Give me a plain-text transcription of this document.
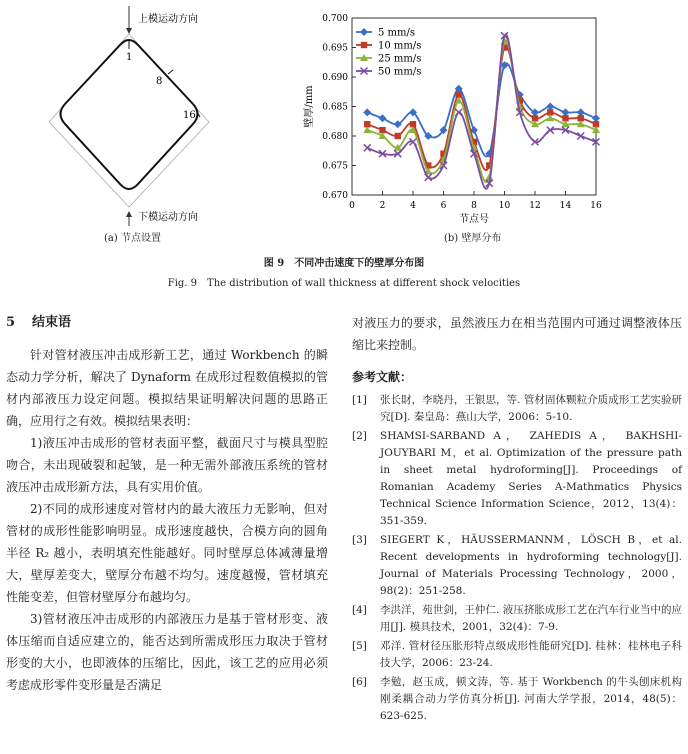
上模运动方向
1
8
16
下模运动方向
(a) 节点设置
0	2	4	6	8 10 12 14 16
0.670
0.675
0.680
0.685
0.690
0.695
0.700
节点号
壁厚/mm
5 mm/s
10 mm/s
25 mm/s
50 mm/s
(b) 壁厚分布
图 9　不同冲击速度下的壁厚分布图
Fig. 9　The distribution of wall thickness at different shock velocities
5 结束语

针对管材液压冲击成形新工艺，通过 Workbench 的瞬态动力学分析，解决了 Dynaform 在成形过程数值模拟的管材内部液压力设定问题。模拟结果证明解决问题的思路正确，应用行之有效。模拟结果表明：

1)液压冲击成形的管材表面平整，截面尺寸与模具型腔吻合，未出现破裂和起皱，是一种无需外部液压系统的管材液压冲击成形新方法，具有实用价值。

2)不同的成形速度对管材内的最大液压力无影响，但对管材的成形性能影响明显。成形速度越快，合模方向的圆角半径 R₂ 越小，表明填充性能越好。同时壁厚总体减薄量增大，壁厚差变大，壁厚分布越不均匀。速度越慢，管材填充性能变差，但管材壁厚分布越均匀。

3)管材液压冲击成形的内部液压力是基于管材形变、液体压缩而自适应建立的，能否达到所需成形压力取决于管材形变的大小，也即液体的压缩比，因此，该工艺的应用必须考虑成形零件变形量是否满足

对液压力的要求，虽然液压力在相当范围内可通过调整液体压缩比来控制。

参考文献：
[1]	张长財，李晓丹，王银思，等. 管材固体颗粒介质成形工艺实验研究[D]. 秦皇岛：燕山大学，2006：5-10.
[2]	SHAMSI-SARBAND A， ZAHEDIS A， BAKHSHI-JOUYBARI M，et al. Optimization of the pressure path in sheet metal hydroforming[J]. Proceedings of Romanian Academy Series A-Mathmatics Physics Technical Science Information Science，2012，13(4)：351-359.
[3]	SIEGERT K，HÄUSSERMANNM，LÖSCH B，et al. Recent developments in hydroforming technology[J]. Journal of Materials Processing Technology，2000，98(2)：251-258.
[4]	李洪洋，苑世剑，王仲仁. 液压挤胀成形工艺在汽车行业当中的应用[J]. 模具技术，2001，32(4)：7-9.
[5]	邓洋. 管材径压胀形特点级成形性能研究[D]. 桂林：桂林电子科技大学，2006：23-24.
[6]	李勉，赵玉成，顿文涛，等. 基于 Workbench 的牛头刨床机构刚柔耦合动力学仿真分析[J]. 河南大学学报，2014，48(5)：623-625.
